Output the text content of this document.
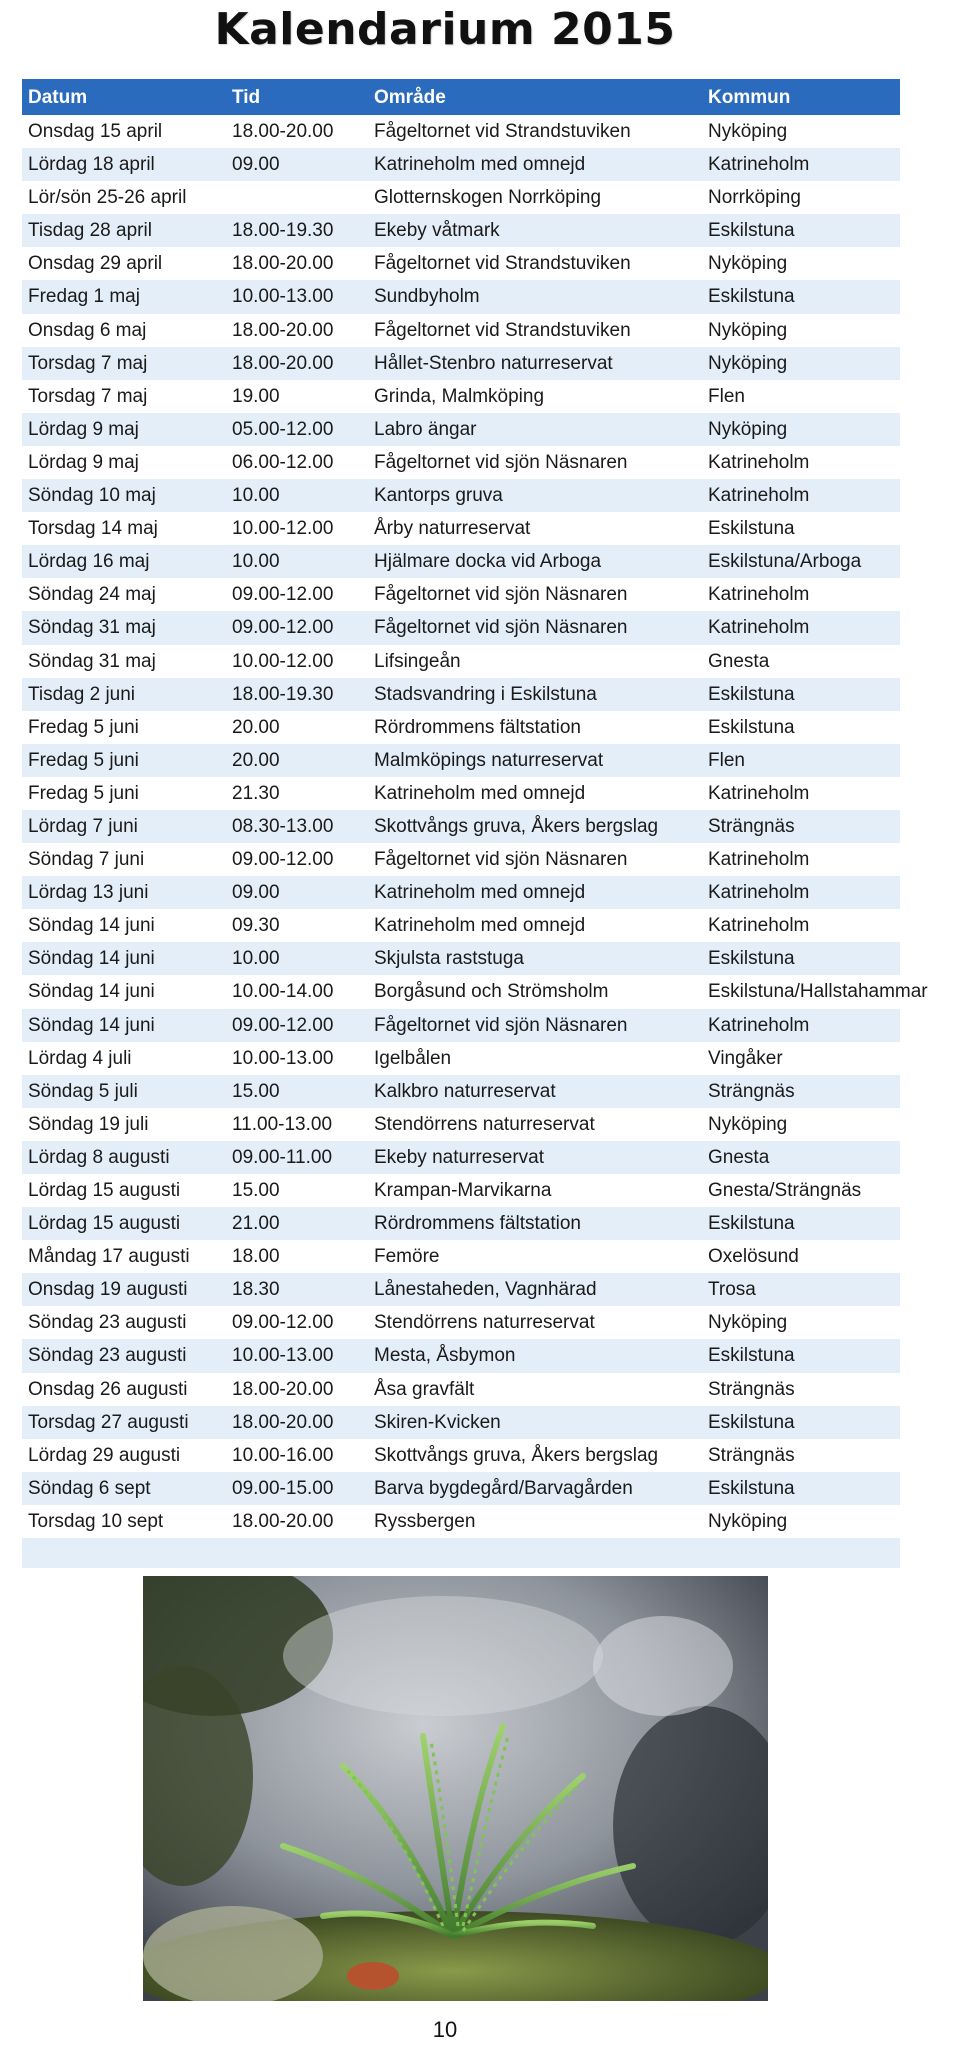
Kalendarium 2015
Datum	Tid	Område	Kommun
Onsdag 15 april	18.00-20.00 Fågeltornet vid Strandstuviken	Nyköping
Lördag 18 april	09.00	Katrineholm med omnejd	Katrineholm
Lör/sön 25-26 april	Glotternskogen Norrköping	Norrköping
Tisdag 28 april	18.00-19.30 Ekeby våtmark	Eskilstuna
Onsdag 29 april	18.00-20.00 Fågeltornet vid Strandstuviken	Nyköping
Fredag 1 maj	10.00-13.00 Sundbyholm	Eskilstuna
Onsdag 6 maj	18.00-20.00 Fågeltornet vid Strandstuviken	Nyköping
Torsdag 7 maj	18.00-20.00 Hållet-Stenbro naturreservat	Nyköping
Torsdag 7 maj	19.00	Grinda, Malmköping	Flen
Lördag 9 maj	05.00-12.00 Labro ängar	Nyköping
Lördag 9 maj	06.00-12.00 Fågeltornet vid sjön Näsnaren	Katrineholm
Söndag 10 maj	10.00	Kantorps gruva	Katrineholm
Torsdag 14 maj	10.00-12.00 Årby naturreservat	Eskilstuna
Lördag 16 maj	10.00	Hjälmare docka vid Arboga	Eskilstuna/Arboga
Söndag 24 maj	09.00-12.00 Fågeltornet vid sjön Näsnaren	Katrineholm
Söndag 31 maj	09.00-12.00 Fågeltornet vid sjön Näsnaren	Katrineholm
Söndag 31 maj	10.00-12.00 Lifsingeån	Gnesta
Tisdag 2 juni	18.00-19.30 Stadsvandring i Eskilstuna	Eskilstuna
Fredag 5 juni	20.00	Rördrommens fältstation	Eskilstuna
Fredag 5 juni	20.00	Malmköpings naturreservat	Flen
Fredag 5 juni	21.30	Katrineholm med omnejd	Katrineholm
Lördag 7 juni	08.30-13.00 Skottvångs gruva, Åkers bergslag	Strängnäs
Söndag 7 juni	09.00-12.00 Fågeltornet vid sjön Näsnaren	Katrineholm
Lördag 13 juni	09.00	Katrineholm med omnejd	Katrineholm
Söndag 14 juni	09.30	Katrineholm med omnejd	Katrineholm
Söndag 14 juni	10.00	Skjulsta raststuga	Eskilstuna
Söndag 14 juni	10.00-14.00 Borgåsund och Strömsholm	Eskilstuna/Hallstahammar
Söndag 14 juni	09.00-12.00 Fågeltornet vid sjön Näsnaren	Katrineholm
Lördag 4 juli	10.00-13.00 Igelbålen	Vingåker
Söndag 5 juli	15.00	Kalkbro naturreservat	Strängnäs
Söndag 19 juli	11.00-13.00 Stendörrens naturreservat	Nyköping
Lördag 8 augusti	09.00-11.00 Ekeby naturreservat	Gnesta
Lördag 15 augusti	15.00	Krampan-Marvikarna	Gnesta/Strängnäs
Lördag 15 augusti	21.00	Rördrommens fältstation	Eskilstuna
Måndag 17 augusti 18.00	Femöre	Oxelösund
Onsdag 19 augusti 18.30	Lånestaheden, Vagnhärad	Trosa
Söndag 23 augusti 09.00-12.00 Stendörrens naturreservat	Nyköping
Söndag 23 augusti 10.00-13.00 Mesta, Åsbymon	Eskilstuna
Onsdag 26 augusti 18.00-20.00 Åsa gravfält	Strängnäs
Torsdag 27 augusti 18.00-20.00 Skiren-Kvicken	Eskilstuna
Lördag 29 augusti	10.00-16.00 Skottvångs gruva, Åkers bergslag	Strängnäs
Söndag 6 sept	09.00-15.00 Barva bygdegård/Barvagården	Eskilstuna
Torsdag 10 sept	18.00-20.00 Ryssbergen	Nyköping
10
